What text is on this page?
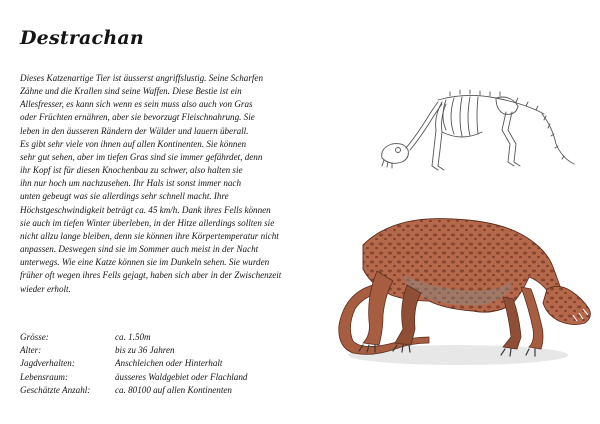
Destrachan
Dieses Katzenartige Tier ist äusserst angriffslustig. Seine Scharfen
Zähne und die Krallen sind seine Waffen. Diese Bestie ist ein
Allesfresser, es kann sich wenn es sein muss also auch von Gras
oder Früchten ernähren, aber sie bevorzugt Fleischnahrung. Sie
leben in den äusseren Rändern der Wälder und lauern überall.
Es gibt sehr viele von ihnen auf allen Kontinenten. Sie können
sehr gut sehen, aber im tiefen Gras sind sie immer gefährdet, denn
ihr Kopf ist für diesen Knochenbau zu schwer, also halten sie
ihn nur hoch um nachzusehen. Ihr Hals ist sonst immer nach
unten gebeugt was sie allerdings sehr schnell macht. Ihre
Höchstgeschwindigkeit beträgt ca. 45 km/h. Dank ihres Fells können
sie auch im tiefen Winter überleben, in der Hitze allerdings sollten sie
nicht allzu lange bleiben, denn sie können ihre Körpertemperatur nicht
anpassen. Deswegen sind sie im Sommer auch meist in der Nacht
unterwegs. Wie eine Katze können sie im Dunkeln sehen. Sie wurden
früher oft wegen ihres Fells gejagt, haben sich aber in der Zwischenzeit
wieder erholt.
Grösse:	ca. 1.50m
Alter:	bis zu 36 Jahren
Jagdverhalten:	Anschleichen oder Hinterhalt
Lebensraum:	äusseres Waldgebiet oder Flachland
Geschätzte Anzahl:	ca. 80100 auf allen Kontinenten
